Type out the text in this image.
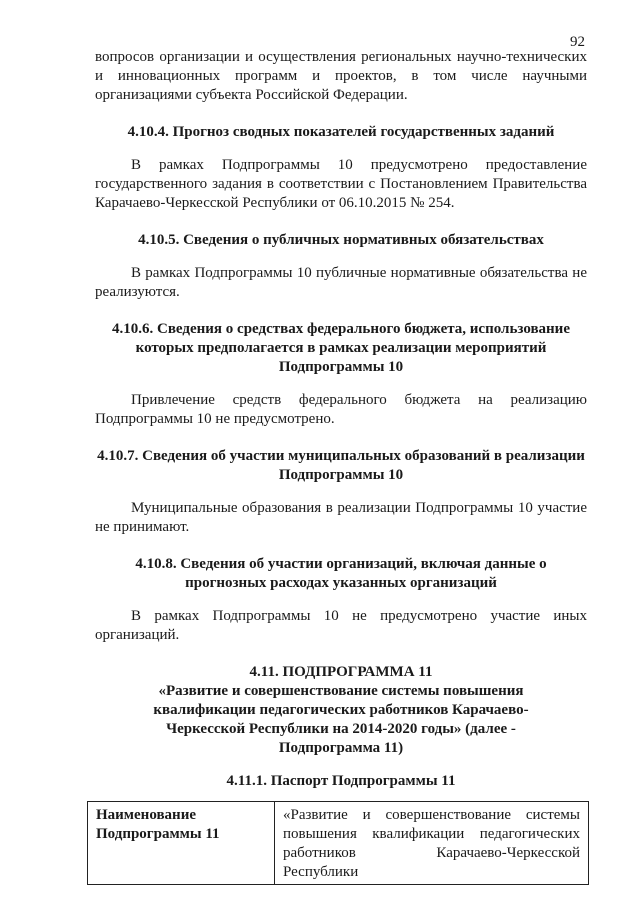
92

вопросов организации и осуществления региональных научно-технических и инновационных программ и проектов, в том числе научными организациями субъекта Российской Федерации.

4.10.4. Прогноз сводных показателей государственных заданий

В рамках Подпрограммы 10 предусмотрено предоставление государственного задания в соответствии с Постановлением Правительства Карачаево-Черкесской Республики от 06.10.2015 № 254.

4.10.5. Сведения о публичных нормативных обязательствах

В рамках Подпрограммы 10 публичные нормативные обязательства не реализуются.

4.10.6. Сведения о средствах федерального бюджета, использование которых предполагается в рамках реализации мероприятий Подпрограммы 10

Привлечение средств федерального бюджета на реализацию Подпрограммы 10 не предусмотрено.

4.10.7. Сведения об участии муниципальных образований в реализации Подпрограммы 10

Муниципальные образования в реализации Подпрограммы 10 участие не принимают.

4.10.8. Сведения об участии организаций, включая данные о прогнозных расходах указанных организаций

В рамках Подпрограммы 10 не предусмотрено участие иных организаций.

4.11. ПОДПРОГРАММА 11
«Развитие и совершенствование системы повышения квалификации педагогических работников Карачаево-Черкесской Республики на 2014-2020 годы» (далее - Подпрограмма 11)
4.11.1. Паспорт Подпрограммы 11
Наименование Подпрограммы 11	«Развитие и совершенствование системы повышения квалификации педагогических работников Карачаево-Черкесской Республики
